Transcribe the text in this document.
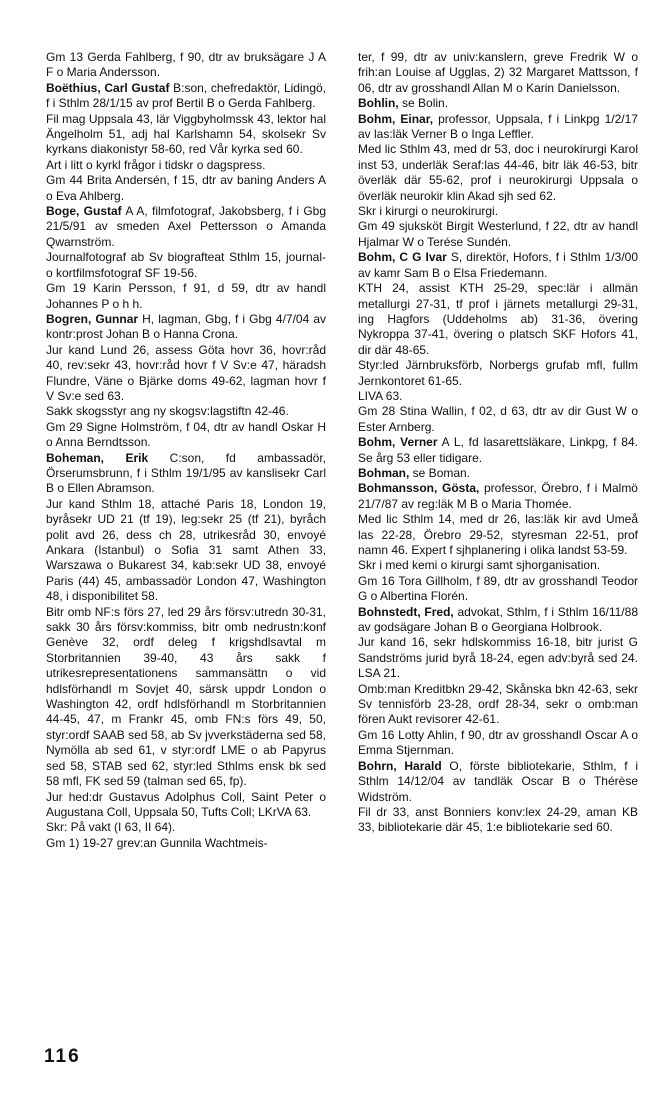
Gm 13 Gerda Fahlberg, f 90, dtr av bruksägare J A F o Maria Andersson.

Boëthius, Carl Gustaf B:son, chefredaktör, Lidingö, f i Sthlm 28/1/15 av prof Bertil B o Gerda Fahlberg.

Fil mag Uppsala 43, lär Viggbyholmssk 43, lektor hal Ängelholm 51, adj hal Karlshamn 54, skolsekr Sv kyrkans diakonistyr 58-60, red Vår kyrka sed 60.

Art i litt o kyrkl frågor i tidskr o dagspress.

Gm 44 Brita Andersén, f 15, dtr av baning Anders A o Eva Ahlberg.

Boge, Gustaf A A, filmfotograf, Jakobsberg, f i Gbg 21/5/91 av smeden Axel Pettersson o Amanda Qwarnström.

Journalfotograf ab Sv biografteat Sthlm 15, journal- o kortfilmsfotograf SF 19-56.

Gm 19 Karin Persson, f 91, d 59, dtr av handl Johannes P o h h.

Bogren, Gunnar H, lagman, Gbg, f i Gbg 4/7/04 av kontr:prost Johan B o Hanna Crona.

Jur kand Lund 26, assess Göta hovr 36, hovr:råd 40, rev:sekr 43, hovr:råd hovr f V Sv:e 47, häradsh Flundre, Väne o Bjärke doms 49-62, lagman hovr f V Sv:e sed 63.

Sakk skogsstyr ang ny skogsv:lagstiftn 42-46.

Gm 29 Signe Holmström, f 04, dtr av handl Oskar H o Anna Berndtsson.

Boheman, Erik C:son, fd ambassadör, Örserumsbrunn, f i Sthlm 19/1/95 av kanslisekr Carl B o Ellen Abramson.

Jur kand Sthlm 18, attaché Paris 18, London 19, byråsekr UD 21 (tf 19), leg:sekr 25 (tf 21), byråch polit avd 26, dess ch 28, utrikesråd 30, envoyé Ankara (Istanbul) o Sofia 31 samt Athen 33, Warszawa o Bukarest 34, kab:sekr UD 38, envoyé Paris (44) 45, ambassadör London 47, Washington 48, i disponibilitet 58.

Bitr omb NF:s förs 27, led 29 års försv:utredn 30-31, sakk 30 års försv:kommiss, bitr omb nedrustn:konf Genève 32, ordf deleg f krigshdlsavtal m Storbritannien 39-40, 43 års sakk f utrikesrepresentationens sammansättn o vid hdlsförhandl m Sovjet 40, särsk uppdr London o Washington 42, ordf hdlsförhandl m Storbritannien 44-45, 47, m Frankr 45, omb FN:s förs 49, 50, styr:ordf SAAB sed 58, ab Sv jvverkstäderna sed 58, Nymölla ab sed 61, v styr:ordf LME o ab Papyrus sed 58, STAB sed 62, styr:led Sthlms ensk bk sed 58 mfl, FK sed 59 (talman sed 65, fp).

Jur hed:dr Gustavus Adolphus Coll, Saint Peter o Augustana Coll, Uppsala 50, Tufts Coll; LKrVA 63.

Skr: På vakt (I 63, II 64).

Gm 1) 19-27 grev:an Gunnila Wachtmeis-

ter, f 99, dtr av univ:kanslern, greve Fredrik W o frih:an Louise af Ugglas, 2) 32 Margaret Mattsson, f 06, dtr av grosshandl Allan M o Karin Danielsson.

Bohlin, se Bolin.

Bohm, Einar, professor, Uppsala, f i Linkpg 1/2/17 av las:läk Verner B o Inga Leffler.

Med lic Sthlm 43, med dr 53, doc i neurokirurgi Karol inst 53, underläk Seraf:las 44-46, bitr läk 46-53, bitr överläk där 55-62, prof i neurokirurgi Uppsala o överläk neurokir klin Akad sjh sed 62.

Skr i kirurgi o neurokirurgi.

Gm 49 sjuksköt Birgit Westerlund, f 22, dtr av handl Hjalmar W o Terése Sundén.

Bohm, C G Ivar S, direktör, Hofors, f i Sthlm 1/3/00 av kamr Sam B o Elsa Friedemann.

KTH 24, assist KTH 25-29, spec:lär i allmän metallurgi 27-31, tf prof i järnets metallurgi 29-31, ing Hagfors (Uddeholms ab) 31-36, övering Nykroppa 37-41, övering o platsch SKF Hofors 41, dir där 48-65.

Styr:led Järnbruksförb, Norbergs grufab mfl, fullm Jernkontoret 61-65.

LIVA 63.

Gm 28 Stina Wallin, f 02, d 63, dtr av dir Gust W o Ester Arnberg.

Bohm, Verner A L, fd lasarettsläkare, Linkpg, f 84. Se årg 53 eller tidigare.

Bohman, se Boman.

Bohmansson, Gösta, professor, Örebro, f i Malmö 21/7/87 av reg:läk M B o Maria Thomée.

Med lic Sthlm 14, med dr 26, las:läk kir avd Umeå las 22-28, Örebro 29-52, styresman 22-51, prof namn 46. Expert f sjhplanering i olika landst 53-59.

Skr i med kemi o kirurgi samt sjhorganisation.

Gm 16 Tora Gillholm, f 89, dtr av grosshandl Teodor G o Albertina Florén.

Bohnstedt, Fred, advokat, Sthlm, f i Sthlm 16/11/88 av godsägare Johan B o Georgiana Holbrook.

Jur kand 16, sekr hdlskommiss 16-18, bitr jurist G Sandströms jurid byrå 18-24, egen adv:byrå sed 24. LSA 21.

Omb:man Kreditbkn 29-42, Skånska bkn 42-63, sekr Sv tennisförb 23-28, ordf 28-34, sekr o omb:man fören Aukt revisorer 42-61.

Gm 16 Lotty Ahlin, f 90, dtr av grosshandl Oscar A o Emma Stjernman.

Bohrn, Harald O, förste bibliotekarie, Sthlm, f i Sthlm 14/12/04 av tandläk Oscar B o Thérèse Widström.

Fil dr 33, anst Bonniers konv:lex 24-29, aman KB 33, bibliotekarie där 45, 1:e bibliotekarie sed 60.

116
